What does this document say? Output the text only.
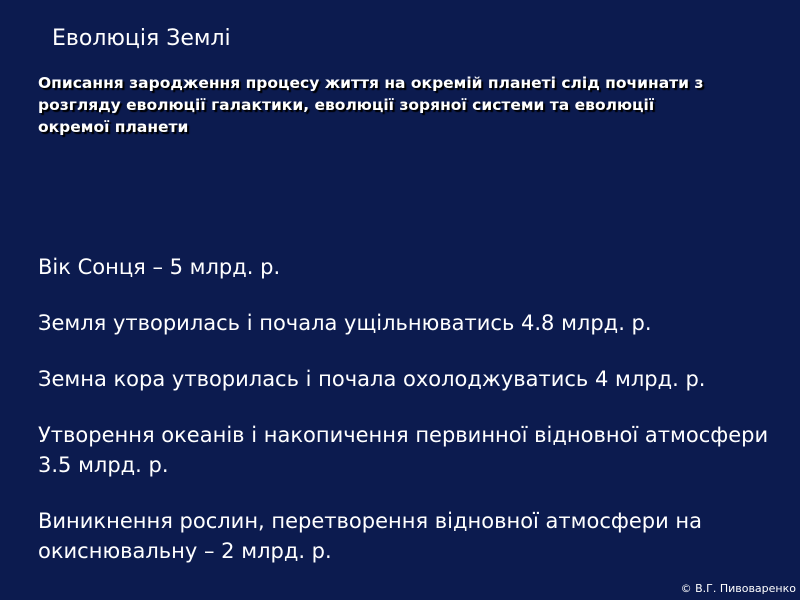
Еволюція Землі

Описання зародження процесу життя на окремій планеті слід починати з розгляду еволюції галактики, еволюції зоряної системи та еволюції окремої планети

Вік Сонця – 5 млрд. р.
Земля утворилась і почала ущільнюватись 4.8 млрд. р.
Земна кора утворилась і почала охолоджуватись 4 млрд. р.
Утворення океанів і накопичення первинної відновної атмосфери 3.5 млрд. р.
Виникнення рослин, перетворення відновної атмосфери на окиснювальну – 2 млрд. р.
© В.Г. Пивоваренко
